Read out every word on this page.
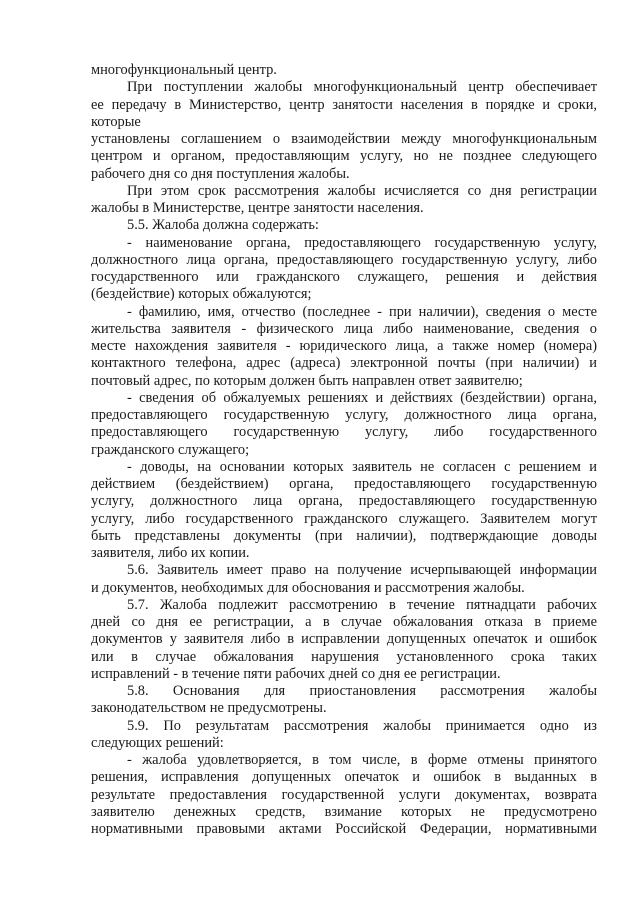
многофункциональный центр.
При поступлении жалобы многофункциональный центр обеспечивает
ее передачу в Министерство, центр занятости населения в порядке и сроки,
которые
установлены соглашением о взаимодействии между многофункциональным
центром и органом, предоставляющим услугу, но не позднее следующего
рабочего дня со дня поступления жалобы.
При этом срок рассмотрения жалобы исчисляется со дня регистрации
жалобы в Министерстве, центре занятости населения.
5.5. Жалоба должна содержать:
- наименование органа, предоставляющего государственную услугу,
должностного лица органа, предоставляющего государственную услугу, либо
государственного или гражданского служащего, решения и действия
(бездействие) которых обжалуются;
- фамилию, имя, отчество (последнее - при наличии), сведения о месте
жительства заявителя - физического лица либо наименование, сведения о
месте нахождения заявителя - юридического лица, а также номер (номера)
контактного телефона, адрес (адреса) электронной почты (при наличии) и
почтовый адрес, по которым должен быть направлен ответ заявителю;
- сведения об обжалуемых решениях и действиях (бездействии) органа,
предоставляющего государственную услугу, должностного лица органа,
предоставляющего государственную услугу, либо государственного
гражданского служащего;
- доводы, на основании которых заявитель не согласен с решением и
действием (бездействием) органа, предоставляющего государственную
услугу, должностного лица органа, предоставляющего государственную
услугу, либо государственного гражданского служащего. Заявителем могут
быть представлены документы (при наличии), подтверждающие доводы
заявителя, либо их копии.
5.6. Заявитель имеет право на получение исчерпывающей информации
и документов, необходимых для обоснования и рассмотрения жалобы.
5.7. Жалоба подлежит рассмотрению в течение пятнадцати рабочих
дней со дня ее регистрации, а в случае обжалования отказа в приеме
документов у заявителя либо в исправлении допущенных опечаток и ошибок
или в случае обжалования нарушения установленного срока таких
исправлений - в течение пяти рабочих дней со дня ее регистрации.
5.8. Основания для приостановления рассмотрения жалобы
законодательством не предусмотрены.
5.9. По результатам рассмотрения жалобы принимается одно из
следующих решений:
- жалоба удовлетворяется, в том числе, в форме отмены принятого
решения, исправления допущенных опечаток и ошибок в выданных в
результате предоставления государственной услуги документах, возврата
заявителю денежных средств, взимание которых не предусмотрено
нормативными правовыми актами Российской Федерации, нормативными
